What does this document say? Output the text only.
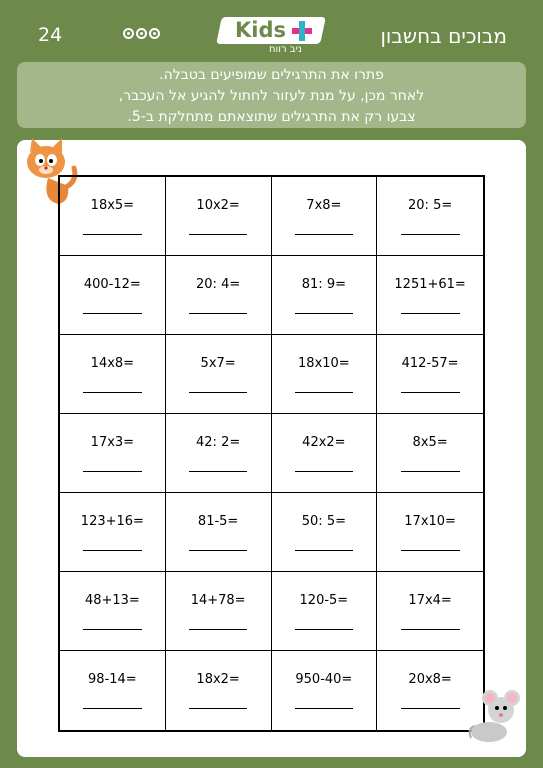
24	Kids
ניב רווח
מבוכים בחשבון
פתרו את התרגילים שמופיעים בטבלה.
לאחר מכן, על מנת לעזור לחתול להגיע אל העכבר,
צבעו רק את התרגילים שתוצאתם מתחלקת ב-5.
18x5=	10x2=	7x8=	20: 5=
400-12=	20: 4=	81: 9=	1251+61=
14x8=	5x7=	18x10=	412-57=
17x3=	42: 2=	42x2=	8x5=
123+16=	81-5=	50: 5=	17x10=
48+13=	14+78=	120-5=	17x4=
98-14=	18x2=	950-40=	20x8=
